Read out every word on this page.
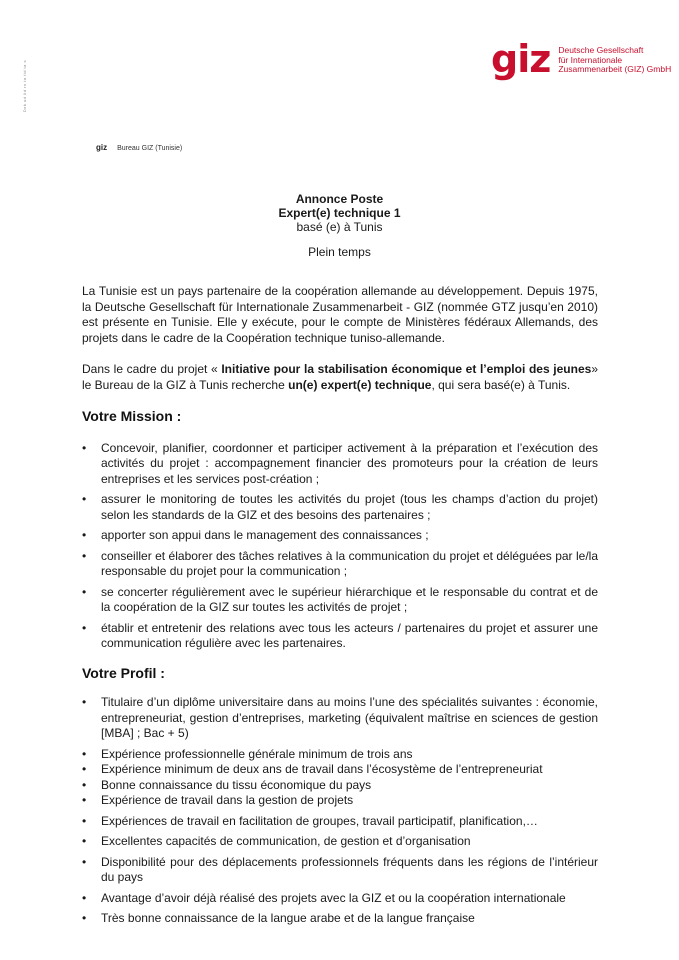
Dok ud lid ro ta tid ta s
giz Deutsche Gesellschaft
für Internationale
Zusammenarbeit (GIZ) GmbH
giz Bureau GIZ (Tunisie)
Annonce Poste
Expert(e) technique 1
basé (e) à Tunis
Plein temps

La Tunisie est un pays partenaire de la coopération allemande au développement. Depuis 1975, la Deutsche Gesellschaft für Internationale Zusammenarbeit - GIZ (nommée GTZ jusqu’en 2010) est présente en Tunisie. Elle y exécute, pour le compte de Ministères fédéraux Allemands, des projets dans le cadre de la Coopération technique tuniso-allemande.

Dans le cadre du projet « Initiative pour la stabilisation économique et l’emploi des jeunes» le Bureau de la GIZ à Tunis recherche un(e) expert(e) technique, qui sera basé(e) à Tunis.

Votre Mission :
• Concevoir, planifier, coordonner et participer activement à la préparation et l’exécution des activités du projet : accompagnement financier des promoteurs pour la création de leurs entreprises et les services post-création ;
• assurer le monitoring de toutes les activités du projet (tous les champs d’action du projet) selon les standards de la GIZ et des besoins des partenaires ;
• apporter son appui dans le management des connaissances ;
• conseiller et élaborer des tâches relatives à la communication du projet et déléguées par le/la responsable du projet pour la communication ;
• se concerter régulièrement avec le supérieur hiérarchique et le responsable du contrat et de la coopération de la GIZ sur toutes les activités de projet ;
• établir et entretenir des relations avec tous les acteurs / partenaires du projet et assurer une communication régulière avec les partenaires.
Votre Profil :
• Titulaire d’un diplôme universitaire dans au moins l’une des spécialités suivantes : économie, entrepreneuriat, gestion d’entreprises, marketing (équivalent maîtrise en sciences de gestion [MBA] ; Bac + 5)
• Expérience professionnelle générale minimum de trois ans
• Expérience minimum de deux ans de travail dans l’écosystème de l’entrepreneuriat
• Bonne connaissance du tissu économique du pays
• Expérience de travail dans la gestion de projets
• Expériences de travail en facilitation de groupes, travail participatif, planification,…
• Excellentes capacités de communication, de gestion et d’organisation
• Disponibilité pour des déplacements professionnels fréquents dans les régions de l’intérieur du pays
• Avantage d’avoir déjà réalisé des projets avec la GIZ et ou la coopération internationale
• Très bonne connaissance de la langue arabe et de la langue française
